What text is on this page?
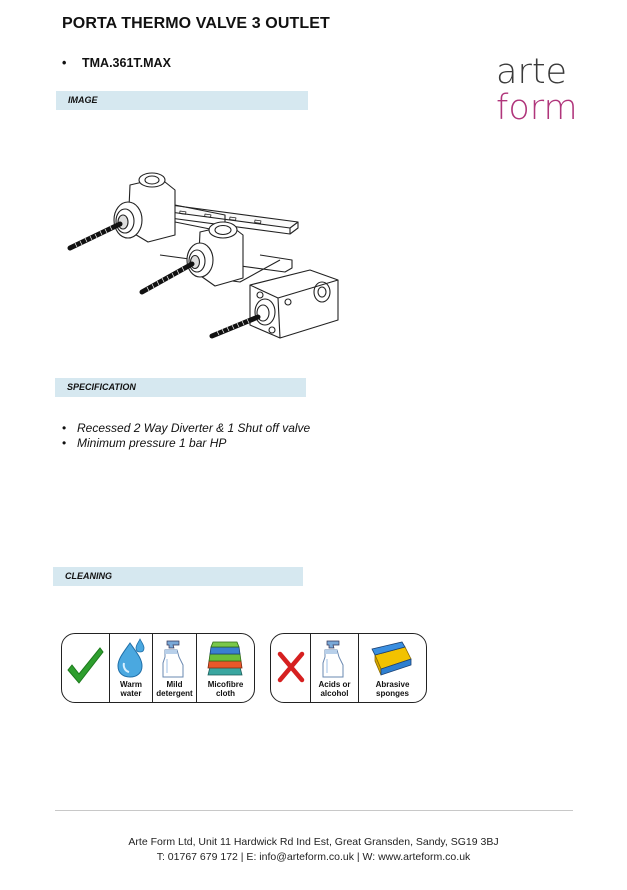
PORTA THERMO VALVE 3 OUTLET
• TMA.361T.MAX	arte
form
IMAGE
SPECIFICATION
• Recessed 2 Way Diverter & 1 Shut off valve
• Minimum pressure 1 bar HP
CLEANING
Warm
water
Mild
detergent
Micofibre
cloth
Acids or
alcohol
Abrasive
sponges
Arte Form Ltd, Unit 11 Hardwick Rd Ind Est, Great Gransden, Sandy, SG19 3BJ
T: 01767 679 172 | E: info@arteform.co.uk | W: www.arteform.co.uk
